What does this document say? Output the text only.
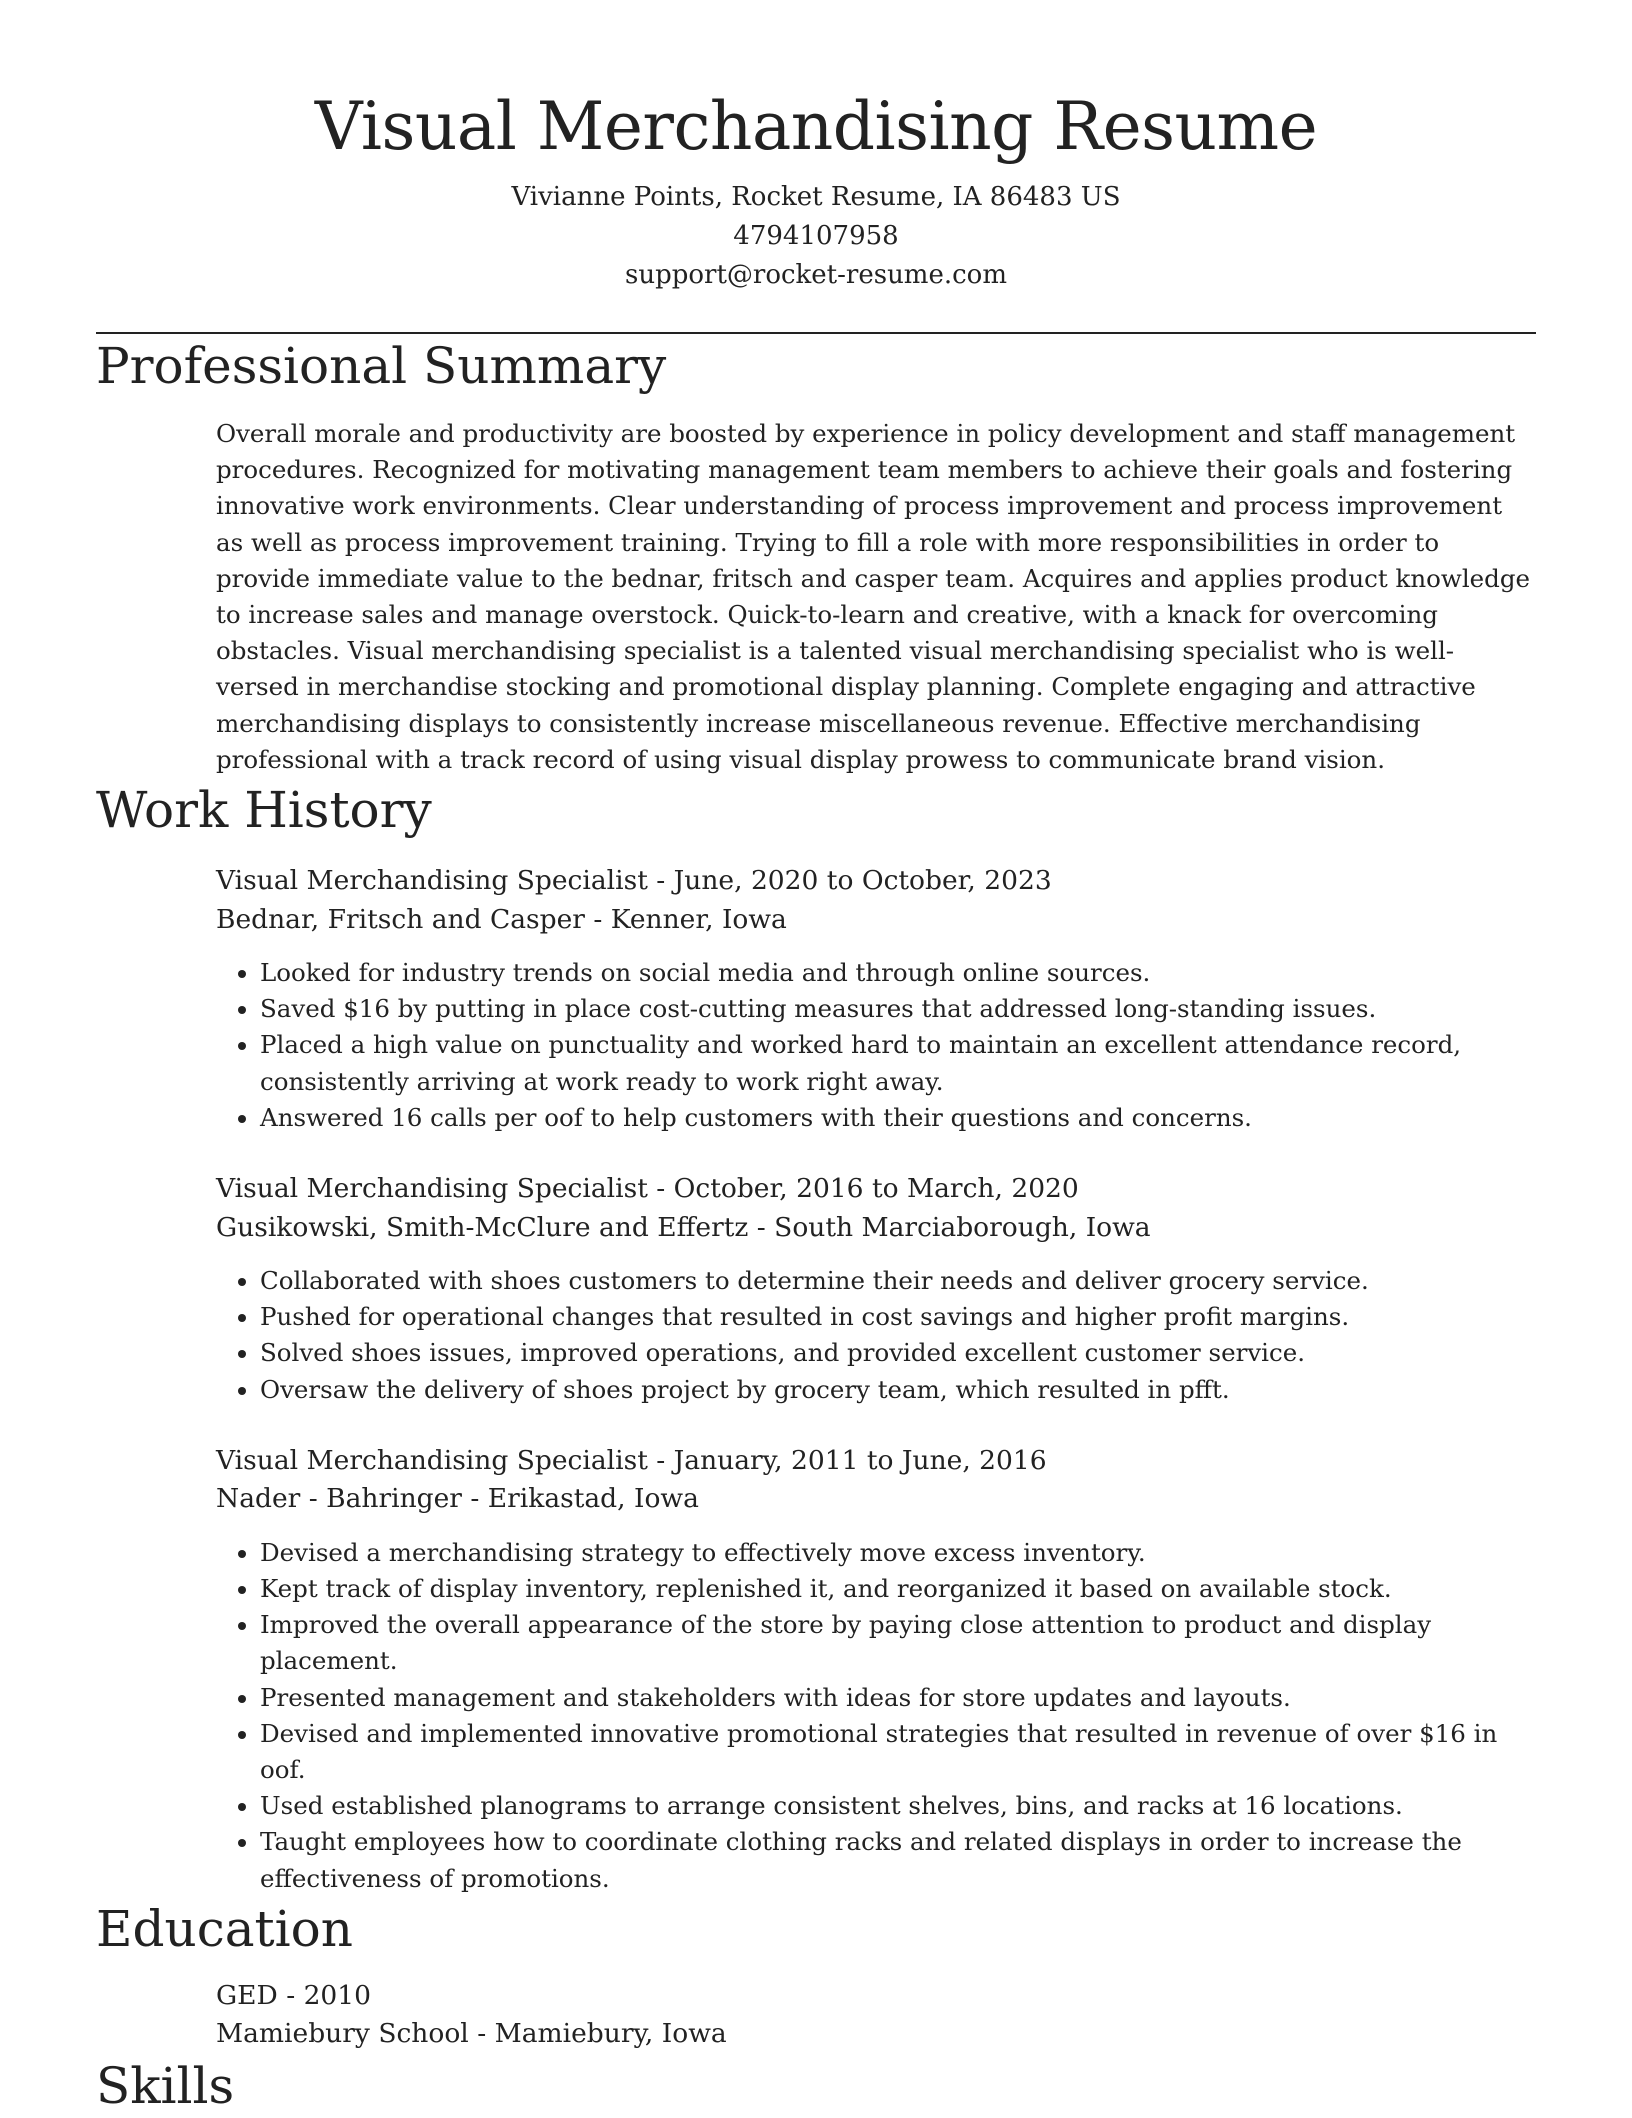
Visual Merchandising Resume
Vivianne Points, Rocket Resume, IA 86483 US
4794107958
support@rocket-resume.com
Professional Summary
Overall morale and productivity are boosted by experience in policy development and staff management procedures. Recognized for motivating management team members to achieve their goals and fostering innovative work environments. Clear understanding of process improvement and process improvement as well as process improvement training. Trying to fill a role with more responsibilities in order to provide immediate value to the bednar, fritsch and casper team. Acquires and applies product knowledge to increase sales and manage overstock. Quick-to-learn and creative, with a knack for overcoming obstacles. Visual merchandising specialist is a talented visual merchandising specialist who is well-versed in merchandise stocking and promotional display planning. Complete engaging and attractive merchandising displays to consistently increase miscellaneous revenue. Effective merchandising professional with a track record of using visual display prowess to communicate brand vision.
Work History
Visual Merchandising Specialist - June, 2020 to October, 2023
Bednar, Fritsch and Casper - Kenner, Iowa
• Looked for industry trends on social media and through online sources.
• Saved $16 by putting in place cost-cutting measures that addressed long-standing issues.
• Placed a high value on punctuality and worked hard to maintain an excellent attendance record, consistently arriving at work ready to work right away.
• Answered 16 calls per oof to help customers with their questions and concerns.
Visual Merchandising Specialist - October, 2016 to March, 2020
Gusikowski, Smith-McClure and Effertz - South Marciaborough, Iowa
• Collaborated with shoes customers to determine their needs and deliver grocery service.
• Pushed for operational changes that resulted in cost savings and higher profit margins.
• Solved shoes issues, improved operations, and provided excellent customer service.
• Oversaw the delivery of shoes project by grocery team, which resulted in pfft.
Visual Merchandising Specialist - January, 2011 to June, 2016
Nader - Bahringer - Erikastad, Iowa
• Devised a merchandising strategy to effectively move excess inventory.
• Kept track of display inventory, replenished it, and reorganized it based on available stock.
• Improved the overall appearance of the store by paying close attention to product and display placement.
• Presented management and stakeholders with ideas for store updates and layouts.
• Devised and implemented innovative promotional strategies that resulted in revenue of over $16 in oof.
• Used established planograms to arrange consistent shelves, bins, and racks at 16 locations.
• Taught employees how to coordinate clothing racks and related displays in order to increase the effectiveness of promotions.
Education
GED - 2010
Mamiebury School - Mamiebury, Iowa
Skills
